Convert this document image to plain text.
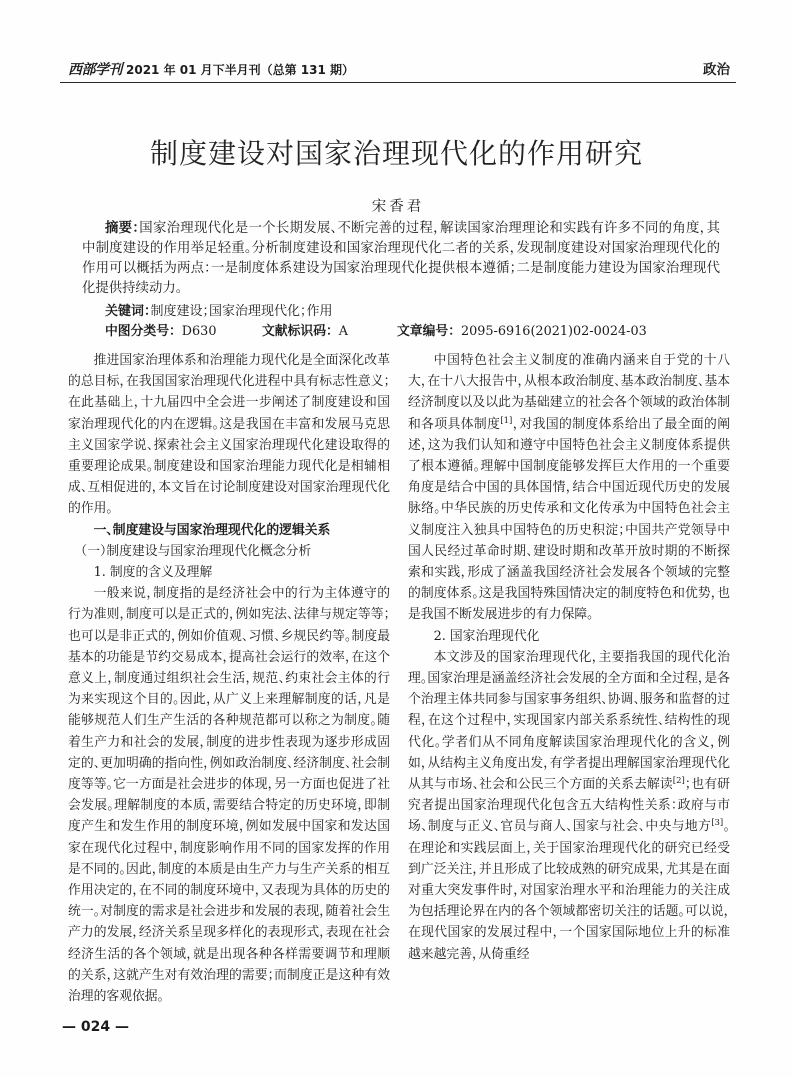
西部学刊 2021 年 01 月下半月刊（总第 131 期）	政治
制度建设对国家治理现代化的作用研究
宋香君

摘要：国家治理现代化是一个长期发展、不断完善的过程，解读国家治理理论和实践有许多不同的角度，其中制度建设的作用举足轻重。分析制度建设和国家治理现代化二者的关系，发现制度建设对国家治理现代化的作用可以概括为两点：一是制度体系建设为国家治理现代化提供根本遵循；二是制度能力建设为国家治理现代化提供持续动力。

关键词：制度建设；国家治理现代化；作用

中图分类号：D630	文献标识码：A	文章编号：2095-6916(2021)02-0024-03

推进国家治理体系和治理能力现代化是全面深化改革的总目标，在我国国家治理现代化进程中具有标志性意义；在此基础上，十九届四中全会进一步阐述了制度建设和国家治理现代化的内在逻辑。这是我国在丰富和发展马克思主义国家学说、探索社会主义国家治理现代化建设取得的重要理论成果。制度建设和国家治理能力现代化是相辅相成、互相促进的，本文旨在讨论制度建设对国家治理现代化的作用。

一、制度建设与国家治理现代化的逻辑关系
（一）制度建设与国家治理现代化概念分析
1. 制度的含义及理解

一般来说，制度指的是经济社会中的行为主体遵守的行为准则，制度可以是正式的，例如宪法、法律与规定等等；也可以是非正式的，例如价值观、习惯、乡规民约等。制度最基本的功能是节约交易成本，提高社会运行的效率，在这个意义上，制度通过组织社会生活，规范、约束社会主体的行为来实现这个目的。因此，从广义上来理解制度的话，凡是能够规范人们生产生活的各种规范都可以称之为制度。随着生产力和社会的发展，制度的进步性表现为逐步形成固定的、更加明确的指向性，例如政治制度、经济制度、社会制度等等。它一方面是社会进步的体现，另一方面也促进了社会发展。理解制度的本质，需要结合特定的历史环境，即制度产生和发生作用的制度环境，例如发展中国家和发达国家在现代化过程中，制度影响作用不同的国家发挥的作用是不同的。因此，制度的本质是由生产力与生产关系的相互作用决定的，在不同的制度环境中，又表现为具体的历史的统一。对制度的需求是社会进步和发展的表现，随着社会生产力的发展，经济关系呈现多样化的表现形式，表现在社会经济生活的各个领域，就是出现各种各样需要调节和理顺的关系，这就产生对有效治理的需要；而制度正是这种有效治理的客观依据。

中国特色社会主义制度的准确内涵来自于党的十八大，在十八大报告中，从根本政治制度、基本政治制度、基本经济制度以及以此为基础建立的社会各个领域的政治体制和各项具体制度[1]，对我国的制度体系给出了最全面的阐述，这为我们认知和遵守中国特色社会主义制度体系提供了根本遵循。理解中国制度能够发挥巨大作用的一个重要角度是结合中国的具体国情，结合中国近现代历史的发展脉络。中华民族的历史传承和文化传承为中国特色社会主义制度注入独具中国特色的历史积淀；中国共产党领导中国人民经过革命时期、建设时期和改革开放时期的不断探索和实践，形成了涵盖我国经济社会发展各个领域的完整的制度体系。这是我国特殊国情决定的制度特色和优势，也是我国不断发展进步的有力保障。

2. 国家治理现代化

本文涉及的国家治理现代化，主要指我国的现代化治理。国家治理是涵盖经济社会发展的全方面和全过程，是各个治理主体共同参与国家事务组织、协调、服务和监督的过程，在这个过程中，实现国家内部关系系统性、结构性的现代化。学者们从不同角度解读国家治理现代化的含义，例如，从结构主义角度出发，有学者提出理解国家治理现代化从其与市场、社会和公民三个方面的关系去解读[2]；也有研究者提出国家治理现代化包含五大结构性关系：政府与市场、制度与正义、官员与商人、国家与社会、中央与地方[3]。在理论和实践层面上，关于国家治理现代化的研究已经受到广泛关注，并且形成了比较成熟的研究成果，尤其是在面对重大突发事件时，对国家治理水平和治理能力的关注成为包括理论界在内的各个领域都密切关注的话题。可以说，在现代国家的发展过程中，一个国家国际地位上升的标准越来越完善，从倚重经

— 024 —
